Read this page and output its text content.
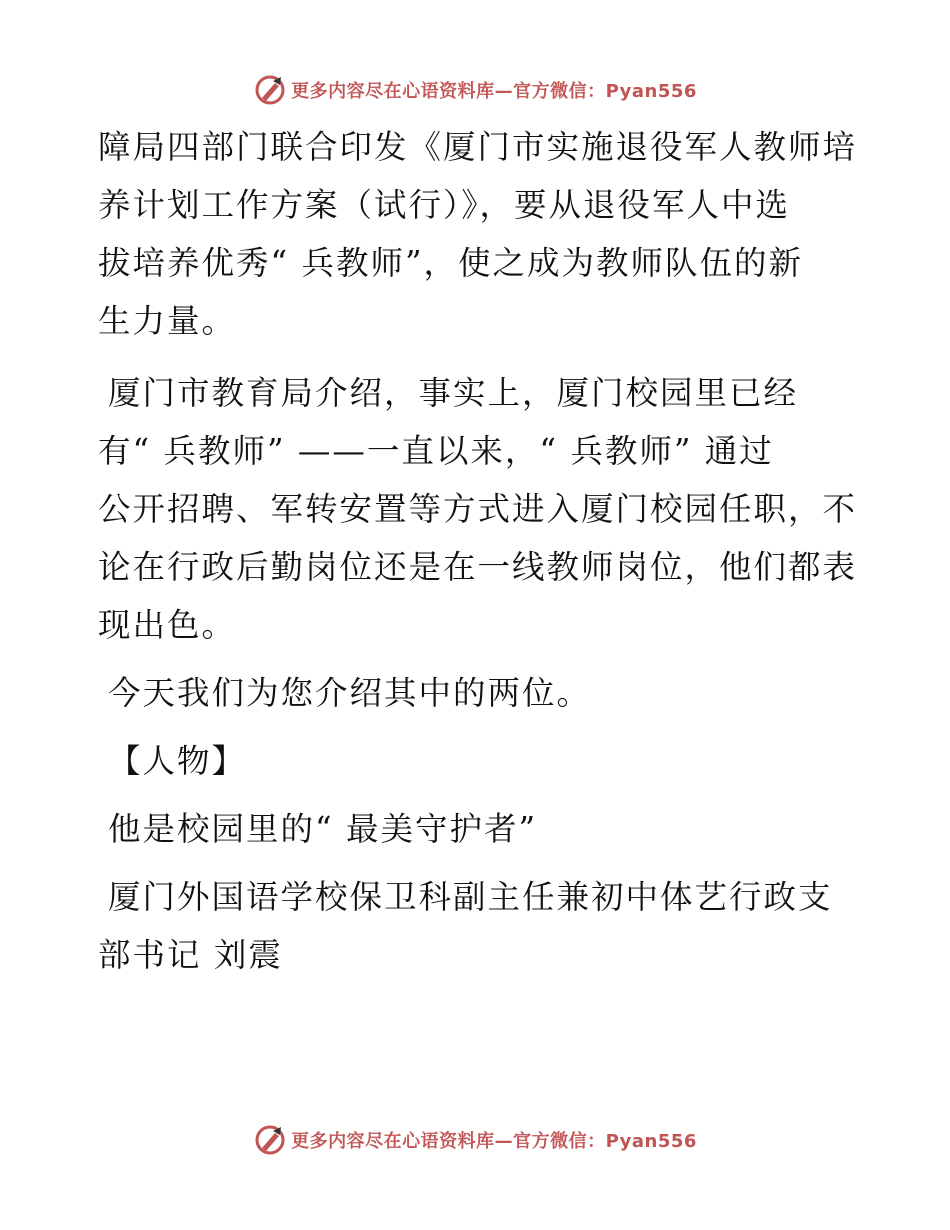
更多内容尽在心语资料库—官方微信：Pyan556

障局四部门联合印发《厦门市实施退役军人教师培
养计划工作方案（试行）》，要从退役军人中选
拔培养优秀“ 兵教师”，使之成为教师队伍的新
生力量。

厦门市教育局介绍，事实上，厦门校园里已经
有“ 兵教师” ——一直以来，“ 兵教师” 通过
公开招聘、军转安置等方式进入厦门校园任职，不
论在行政后勤岗位还是在一线教师岗位，他们都表
现出色。

今天我们为您介绍其中的两位。

【人物】

他是校园里的“ 最美守护者”

厦门外国语学校保卫科副主任兼初中体艺行政支
部书记 刘震

更多内容尽在心语资料库—官方微信：Pyan556
